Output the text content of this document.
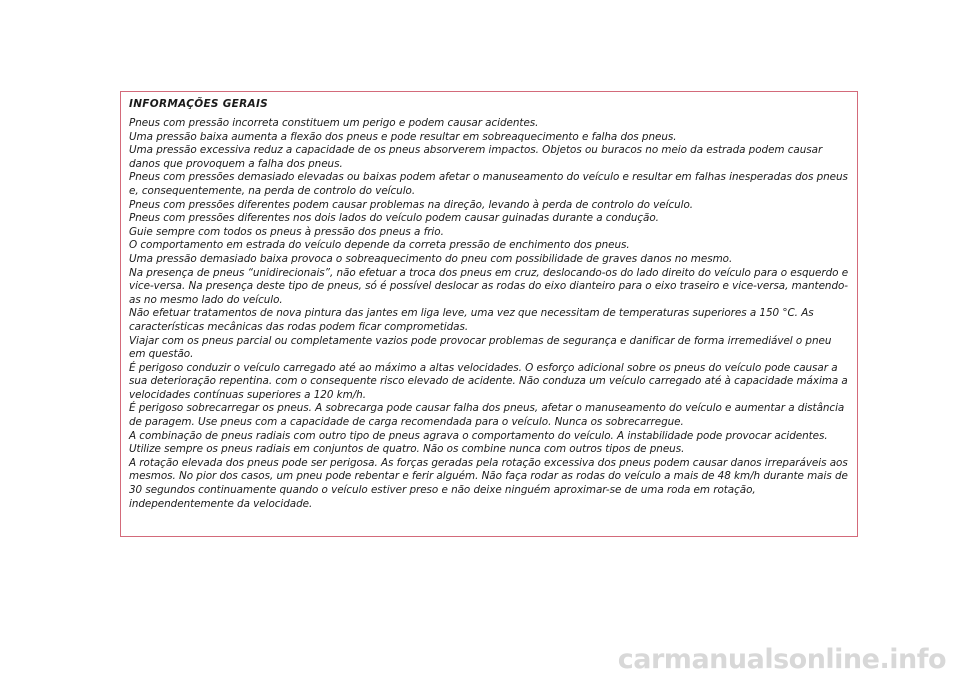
INFORMAÇÕES GERAIS

Pneus com pressão incorreta constituem um perigo e podem causar acidentes.

Uma pressão baixa aumenta a flexão dos pneus e pode resultar em sobreaquecimento e falha dos pneus.

Uma pressão excessiva reduz a capacidade de os pneus absorverem impactos. Objetos ou buracos no meio da estrada podem causar danos que provoquem a falha dos pneus.

Pneus com pressões demasiado elevadas ou baixas podem afetar o manuseamento do veículo e resultar em falhas inesperadas dos pneus e, consequentemente, na perda de controlo do veículo.

Pneus com pressões diferentes podem causar problemas na direção, levando à perda de controlo do veículo.

Pneus com pressões diferentes nos dois lados do veículo podem causar guinadas durante a condução.

Guie sempre com todos os pneus à pressão dos pneus a frio.

O comportamento em estrada do veículo depende da correta pressão de enchimento dos pneus.

Uma pressão demasiado baixa provoca o sobreaquecimento do pneu com possibilidade de graves danos no mesmo.

Na presença de pneus “unidirecionais”, não efetuar a troca dos pneus em cruz, deslocando-os do lado direito do veículo para o esquerdo e vice-versa. Na presença deste tipo de pneus, só é possível deslocar as rodas do eixo dianteiro para o eixo traseiro e vice-versa, mantendo-as no mesmo lado do veículo.

Não efetuar tratamentos de nova pintura das jantes em liga leve, uma vez que necessitam de temperaturas superiores a 150 °C. As características mecânicas das rodas podem ficar comprometidas.

Viajar com os pneus parcial ou completamente vazios pode provocar problemas de segurança e danificar de forma irremediável o pneu em questão.

É perigoso conduzir o veículo carregado até ao máximo a altas velocidades. O esforço adicional sobre os pneus do veículo pode causar a sua deterioração repentina. com o consequente risco elevado de acidente. Não conduza um veículo carregado até à capacidade máxima a velocidades contínuas superiores a 120 km/h.

É perigoso sobrecarregar os pneus. A sobrecarga pode causar falha dos pneus, afetar o manuseamento do veículo e aumentar a distância de paragem. Use pneus com a capacidade de carga recomendada para o veículo. Nunca os sobrecarregue.

A combinação de pneus radiais com outro tipo de pneus agrava o comportamento do veículo. A instabilidade pode provocar acidentes. Utilize sempre os pneus radiais em conjuntos de quatro. Não os combine nunca com outros tipos de pneus.

A rotação elevada dos pneus pode ser perigosa. As forças geradas pela rotação excessiva dos pneus podem causar danos irreparáveis aos mesmos. No pior dos casos, um pneu pode rebentar e ferir alguém. Não faça rodar as rodas do veículo a mais de 48 km/h durante mais de 30 segundos continuamente quando o veículo estiver preso e não deixe ninguém aproximar-se de uma roda em rotação, independentemente da velocidade.

carmanualsonline.info
